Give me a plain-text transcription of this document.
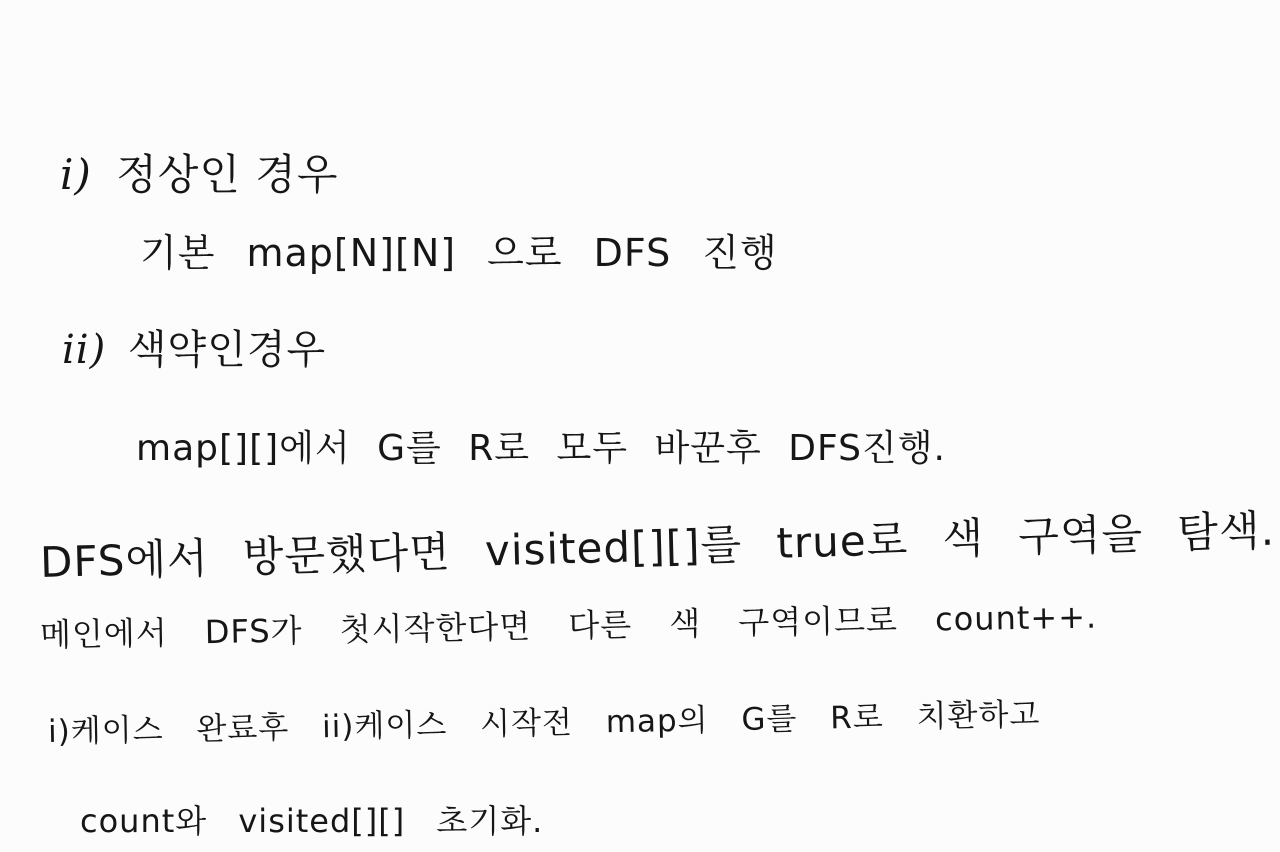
i) 정상인 경우
기본 map[N][N] 으로 DFS 진행
ii) 색약인경우
map[][]에서 G를 R로 모두 바꾼후 DFS진행.
DFS에서 방문했다면 visited[][]를 true로 색 구역을 탐색.
메인에서 DFS가 첫시작한다면 다른 색 구역이므로 count++.
i)케이스 완료후 ii)케이스 시작전 map의 G를 R로 치환하고
count와 visited[][] 초기화.
